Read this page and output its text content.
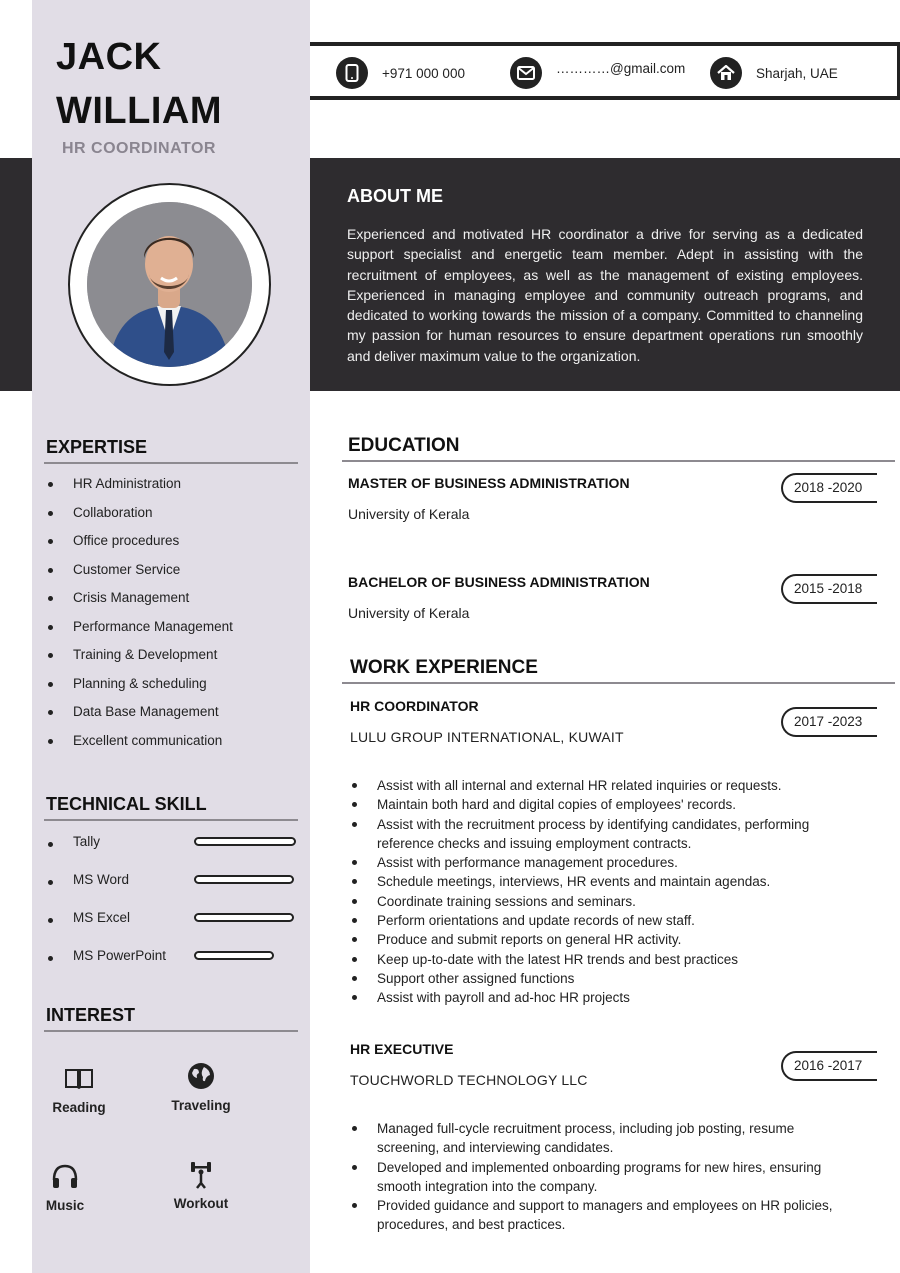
JACK
WILLIAM
HR COORDINATOR
+971 000 000	…………@gmail.com	Sharjah, UAE
ABOUT ME
Experienced and motivated HR coordinator a drive for serving as a dedicated support specialist and energetic team member. Adept in assisting with the recruitment of employees, as well as the management of existing employees. Experienced in managing employee and community outreach programs, and dedicated to working towards the mission of a company. Committed to channeling my passion for human resources to ensure department operations run smoothly and deliver maximum value to the organization.
EXPERTISE
HR Administration
Collaboration
Office procedures
Customer Service
Crisis Management
Performance Management
Training & Development
Planning & scheduling
Data Base Management
Excellent communication
TECHNICAL SKILL
Tally
MS Word
MS Excel
MS PowerPoint
INTEREST
Reading	Traveling
Music	Workout
EDUCATION
MASTER OF BUSINESS ADMINISTRATION
University of Kerala
2018 -2020
BACHELOR OF BUSINESS ADMINISTRATION
University of Kerala
2015 -2018
WORK EXPERIENCE
HR COORDINATOR
LULU GROUP INTERNATIONAL, KUWAIT
2017 -2023
Assist with all internal and external HR related inquiries or requests.
Maintain both hard and digital copies of employees' records.
Assist with the recruitment process by identifying candidates, performing reference checks and issuing employment contracts.
Assist with performance management procedures.
Schedule meetings, interviews, HR events and maintain agendas.
Coordinate training sessions and seminars.
Perform orientations and update records of new staff.
Produce and submit reports on general HR activity.
Keep up-to-date with the latest HR trends and best practices
Support other assigned functions
Assist with payroll and ad-hoc HR projects
HR EXECUTIVE
TOUCHWORLD TECHNOLOGY LLC
2016 -2017
Managed full-cycle recruitment process, including job posting, resume screening, and interviewing candidates.
Developed and implemented onboarding programs for new hires, ensuring smooth integration into the company.
Provided guidance and support to managers and employees on HR policies, procedures, and best practices.
